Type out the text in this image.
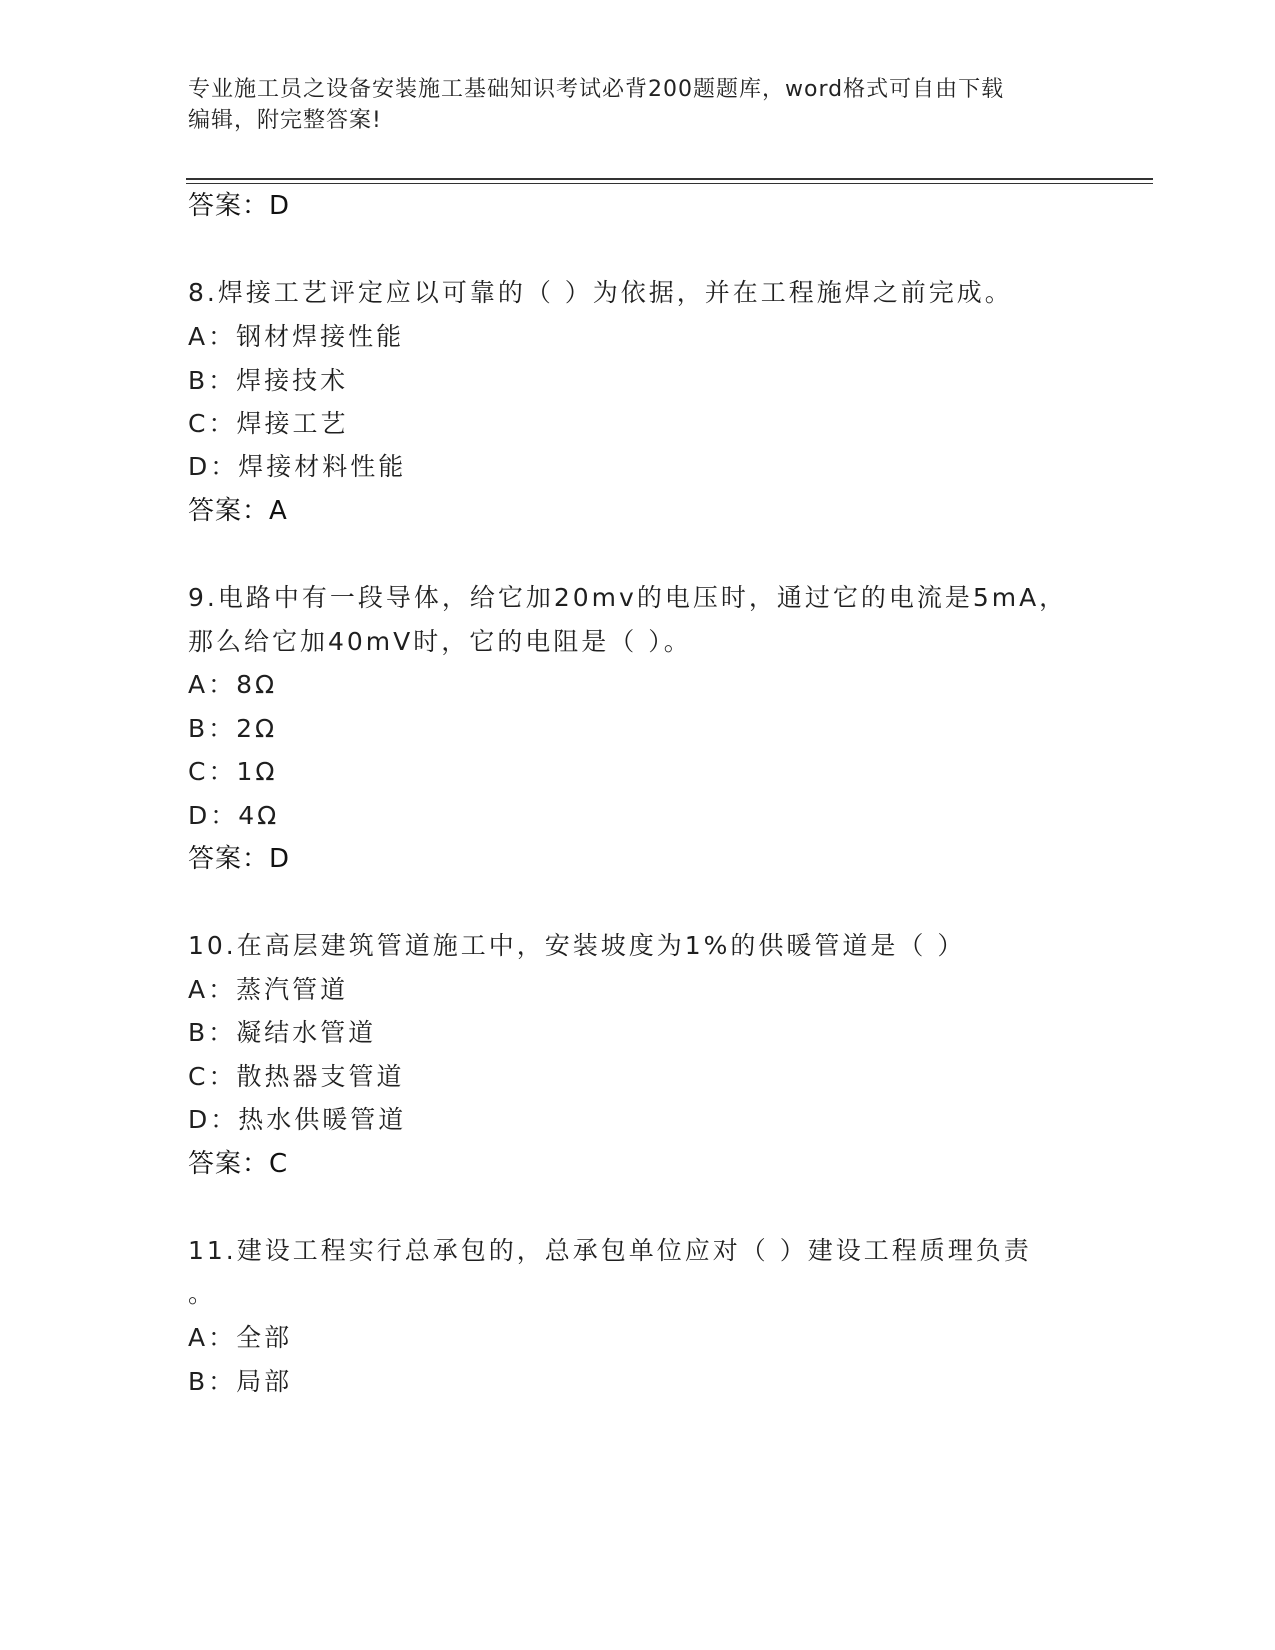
专业施工员之设备安装施工基础知识考试必背200题题库，word格式可自由下载
编辑，附完整答案!
答案：D
8.焊接工艺评定应以可靠的（ ）为依据，并在工程施焊之前完成。
A：钢材焊接性能
B：焊接技术
C：焊接工艺
D：焊接材料性能
答案：A
9.电路中有一段导体，给它加20mv的电压时，通过它的电流是5mA，
那么给它加40mV时，它的电阻是（ ）。
A：8Ω
B：2Ω
C：1Ω
D：4Ω
答案：D
10.在高层建筑管道施工中，安装坡度为1%的供暖管道是（ ）
A：蒸汽管道
B：凝结水管道
C：散热器支管道
D：热水供暖管道
答案：C
11.建设工程实行总承包的，总承包单位应对（ ）建设工程质理负责
。
A：全部
B：局部
